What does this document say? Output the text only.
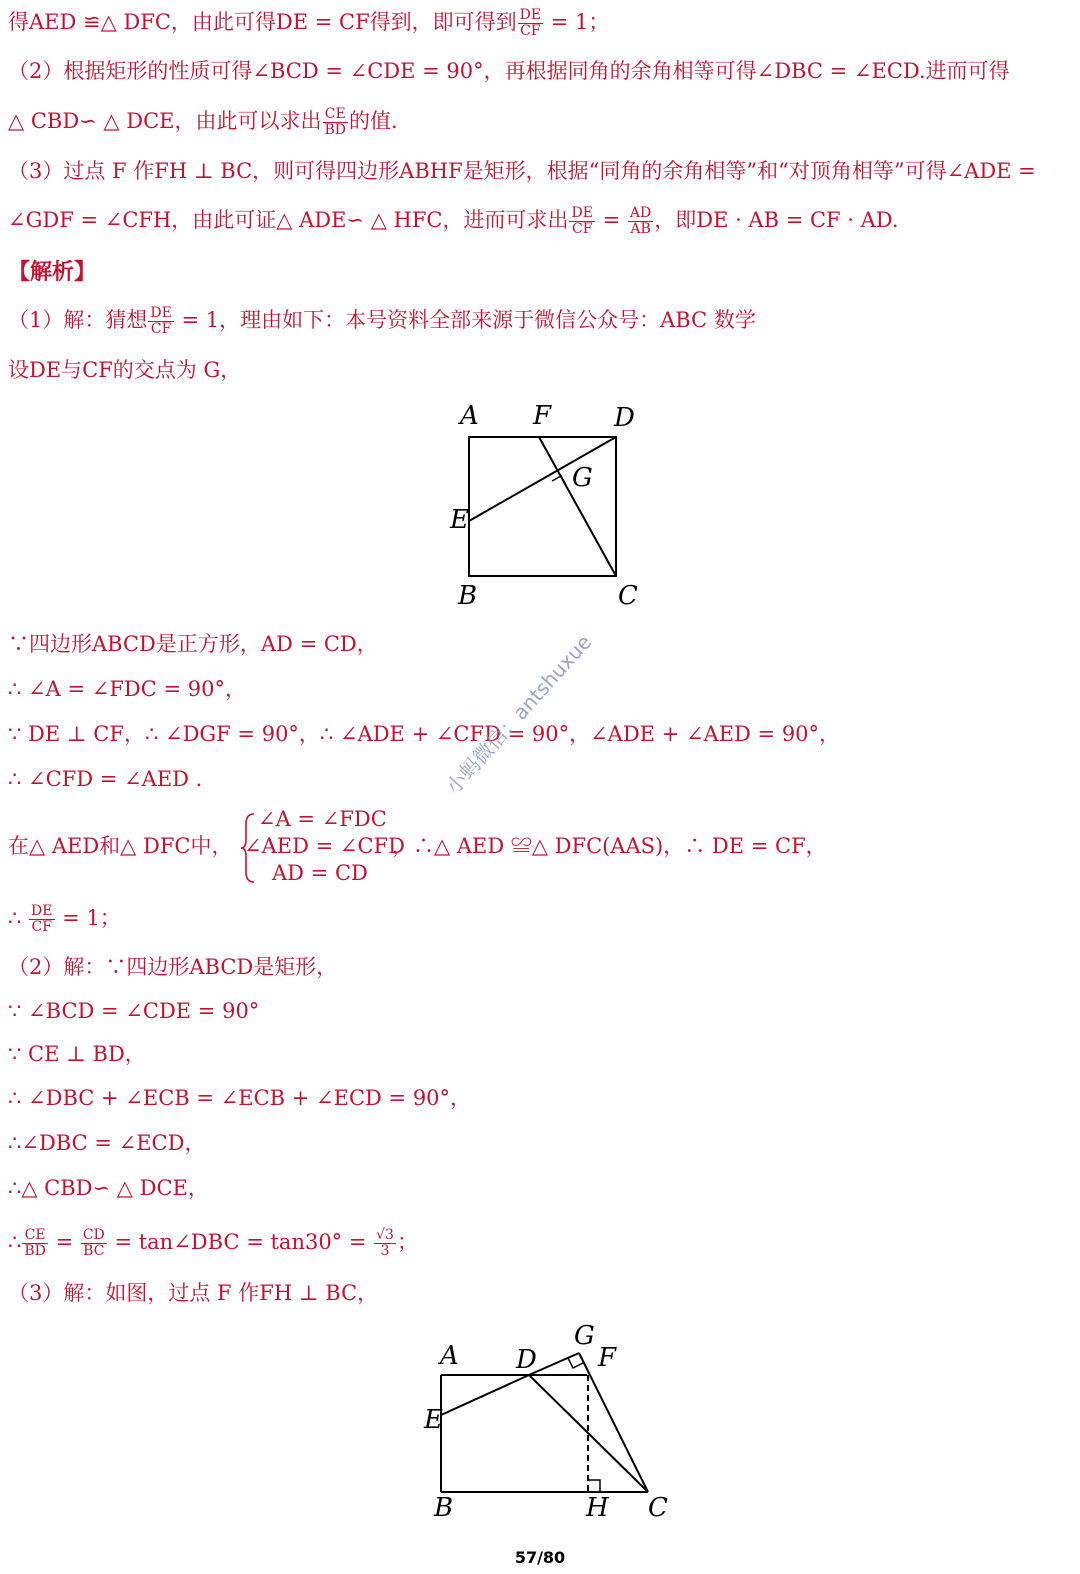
得AED ≌△ DFC，由此可得DE = CF得到，即可得到 $\frac{DE}{CF} = 1$；
（2）根据矩形的性质可得∠BCD = ∠CDE = 90°，再根据同角的余角相等可得∠DBC = ∠ECD.进而可得
△ CBD∽ △ DCE，由此可以求出 $\frac{CE}{BD}$ 的值.
（3）过点 F 作FH ⊥ BC，则可得四边形ABHF是矩形，根据“同角的余角相等”和“对顶角相等”可得∠ADE =
∠GDF = ∠CFH，由此可证△ ADE∽ △ HFC，进而可求出 $\frac{DE}{CF} = \frac{AD}{AB}$ ，即DE · AB = CF · AD.
【解析】
（1）解：猜想 $\frac{DE}{CF} = 1$，理由如下：本号资料全部来源于微信公众号：ABC 数学
设DE与CF的交点为 G，
A F D
G
E
B	C
∵四边形ABCD是正方形，AD = CD，
∴ ∠A = ∠FDC = 90°，
∵ DE ⊥ CF，∴ ∠DGF = 90°，∴ ∠ADE + ∠CFD = 90°，∠ADE + ∠AED = 90°，
∴ ∠CFD = ∠AED .
在△ AED和△ DFC中，
∠A = ∠FDC
∠AED = ∠CFD
AD = CD
，∴△ AED ≌△ DFC(AAS)，∴ DE = CF，
∴ $\frac{DE}{CF} = 1$；
（2）解：∵四边形ABCD是矩形，
∵ ∠BCD = ∠CDE = 90°
∵ CE ⊥ BD，
∴ ∠DBC + ∠ECB = ∠ECB + ∠ECD = 90°，
∴∠DBC = ∠ECD，
∴△ CBD∽ △ DCE，
∴ $\frac{CE}{BD} = \frac{CD}{BC}$ = tan∠DBC = $\tan 30^\circ = \frac{√3}{3}$ ；
（3）解：如图，过点 F 作FH ⊥ BC，
A D
G
F
E
B	H C
小蚂微信：antshuxue
57/80
